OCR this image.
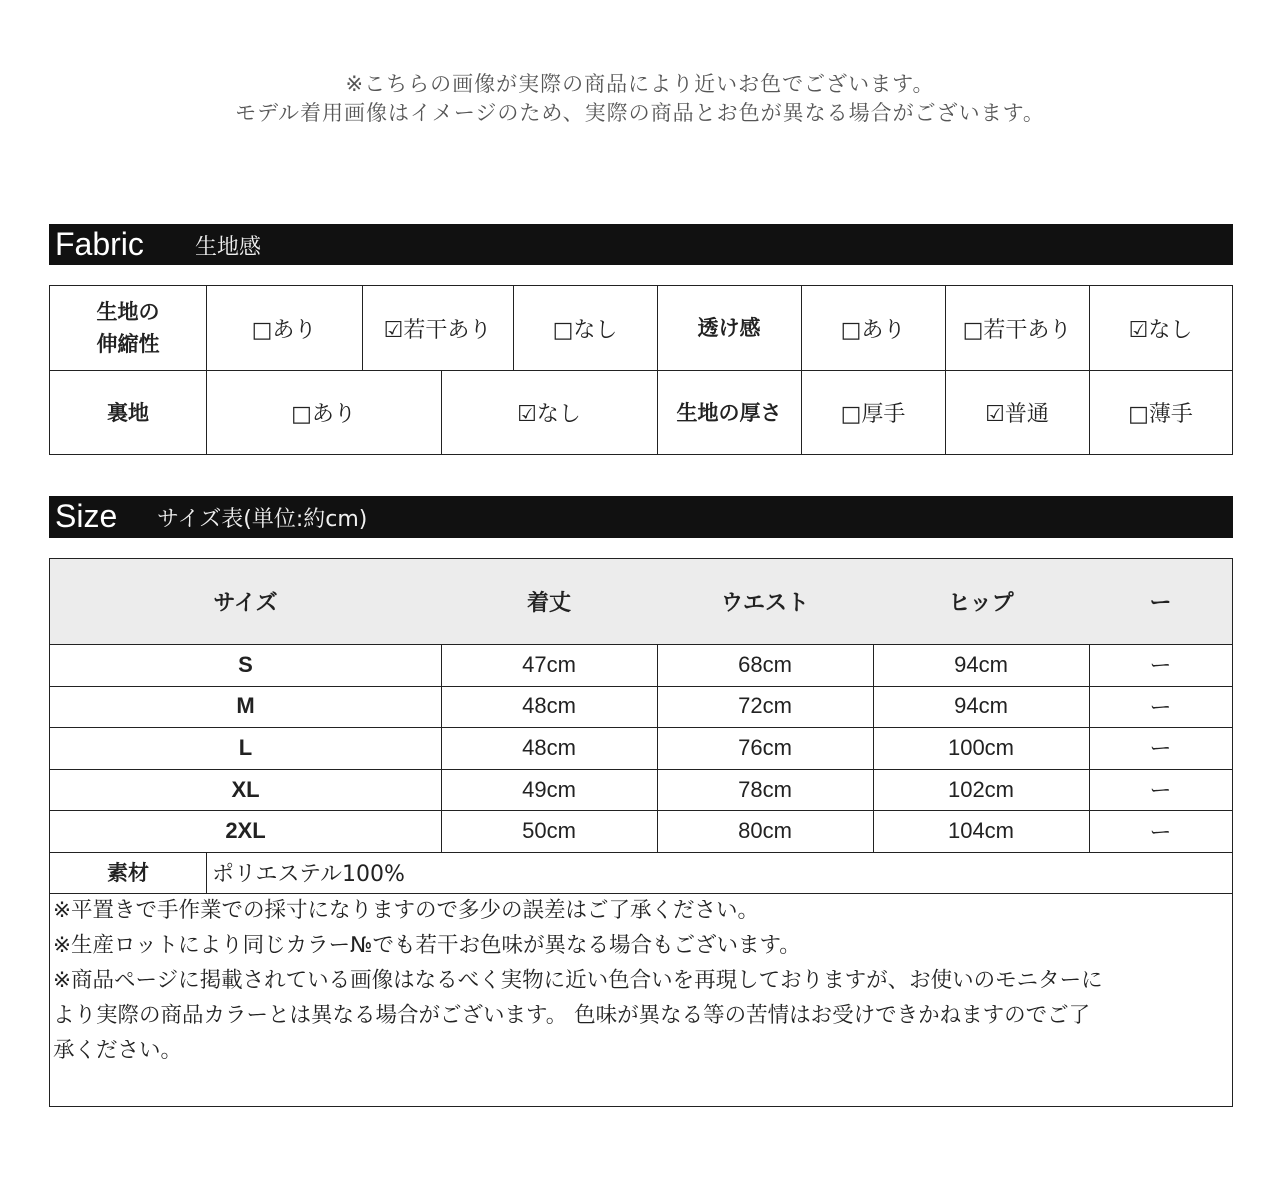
※こちらの画像が実際の商品により近いお色でございます。
モデル着用画像はイメージのため、実際の商品とお色が異なる場合がございます。
Fabric 生地感
生地の
伸縮性
□あり	☑若干あり	□なし	透け感	□あり	□若干あり	☑なし
裏地	□あり	☑なし	生地の厚さ	□厚手	☑普通	□薄手
Size サイズ表(単位:約cm)
サイズ	着丈	ウエスト	ヒップ	ー
S	47cm	68cm	94cm	ー
M	48cm	72cm	94cm	ー
L	48cm	76cm	100cm	ー
XL	49cm	78cm	102cm	ー
2XL	50cm	80cm	104cm	ー
素材	ポリエステル100%
※平置きで手作業での採寸になりますので多少の誤差はご了承ください。
※生産ロットにより同じカラー№でも若干お色味が異なる場合もございます。
※商品ページに掲載されている画像はなるべく実物に近い色合いを再現しておりますが、お使いのモニターに
より実際の商品カラーとは異なる場合がございます。 色味が異なる等の苦情はお受けできかねますのでご了
承ください。
